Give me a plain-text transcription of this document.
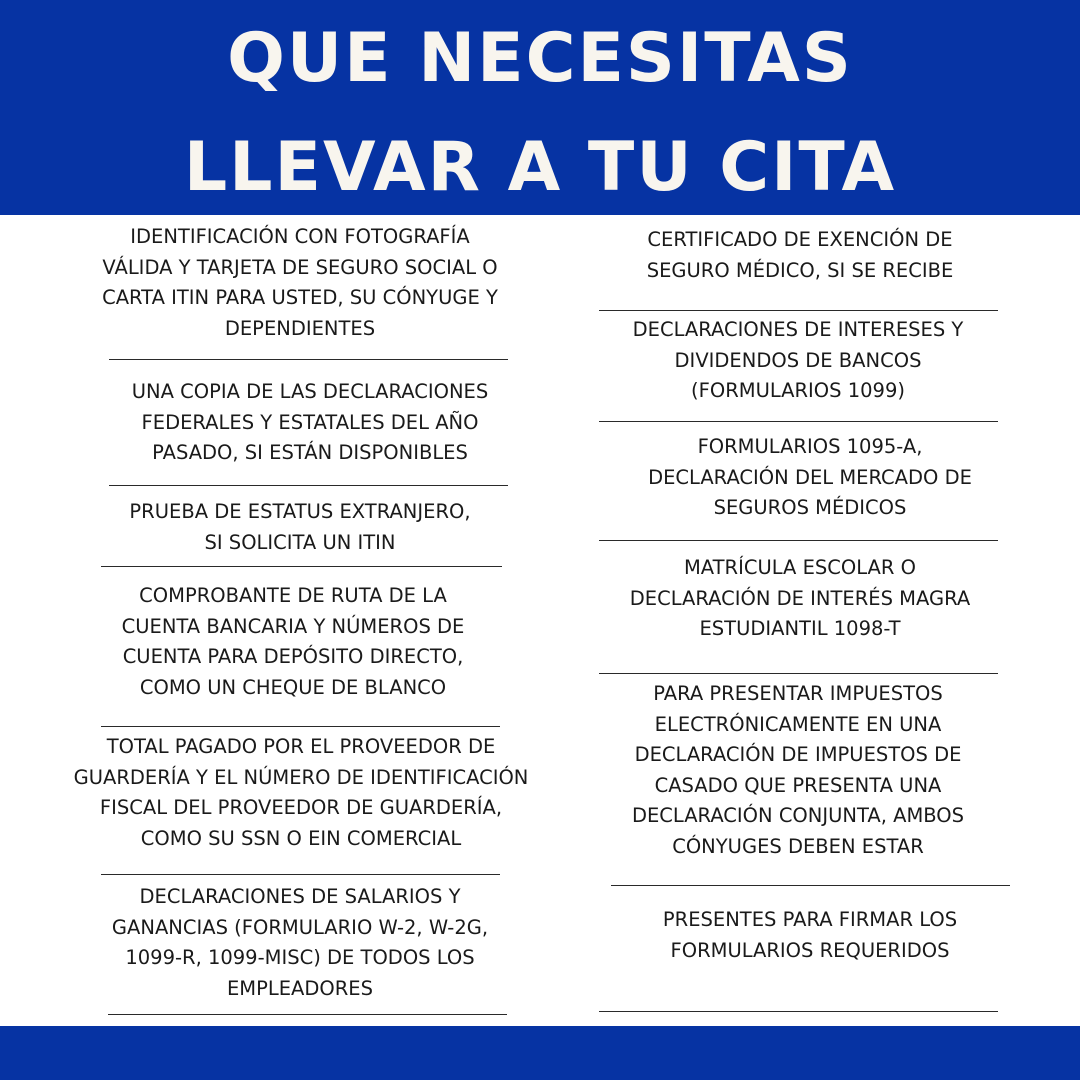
QUE NECESITAS
LLEVAR A TU CITA

IDENTIFICACIÓN CON FOTOGRAFÍA
VÁLIDA Y TARJETA DE SEGURO SOCIAL O
CARTA ITIN PARA USTED, SU CÓNYUGE Y
DEPENDIENTES

UNA COPIA DE LAS DECLARACIONES
FEDERALES Y ESTATALES DEL AÑO
PASADO, SI ESTÁN DISPONIBLES

PRUEBA DE ESTATUS EXTRANJERO,
SI SOLICITA UN ITIN

COMPROBANTE DE RUTA DE LA
CUENTA BANCARIA Y NÚMEROS DE
CUENTA PARA DEPÓSITO DIRECTO,
COMO UN CHEQUE DE BLANCO

TOTAL PAGADO POR EL PROVEEDOR DE
GUARDERÍA Y EL NÚMERO DE IDENTIFICACIÓN
FISCAL DEL PROVEEDOR DE GUARDERÍA,
COMO SU SSN O EIN COMERCIAL

DECLARACIONES DE SALARIOS Y
GANANCIAS (FORMULARIO W-2, W-2G,
1099-R, 1099-MISC) DE TODOS LOS
EMPLEADORES

CERTIFICADO DE EXENCIÓN DE
SEGURO MÉDICO, SI SE RECIBE

DECLARACIONES DE INTERESES Y
DIVIDENDOS DE BANCOS
(FORMULARIOS 1099)

FORMULARIOS 1095-A,
DECLARACIÓN DEL MERCADO DE
SEGUROS MÉDICOS

MATRÍCULA ESCOLAR O
DECLARACIÓN DE INTERÉS MAGRA
ESTUDIANTIL 1098-T

PARA PRESENTAR IMPUESTOS
ELECTRÓNICAMENTE EN UNA
DECLARACIÓN DE IMPUESTOS DE
CASADO QUE PRESENTA UNA
DECLARACIÓN CONJUNTA, AMBOS
CÓNYUGES DEBEN ESTAR

PRESENTES PARA FIRMAR LOS
FORMULARIOS REQUERIDOS
